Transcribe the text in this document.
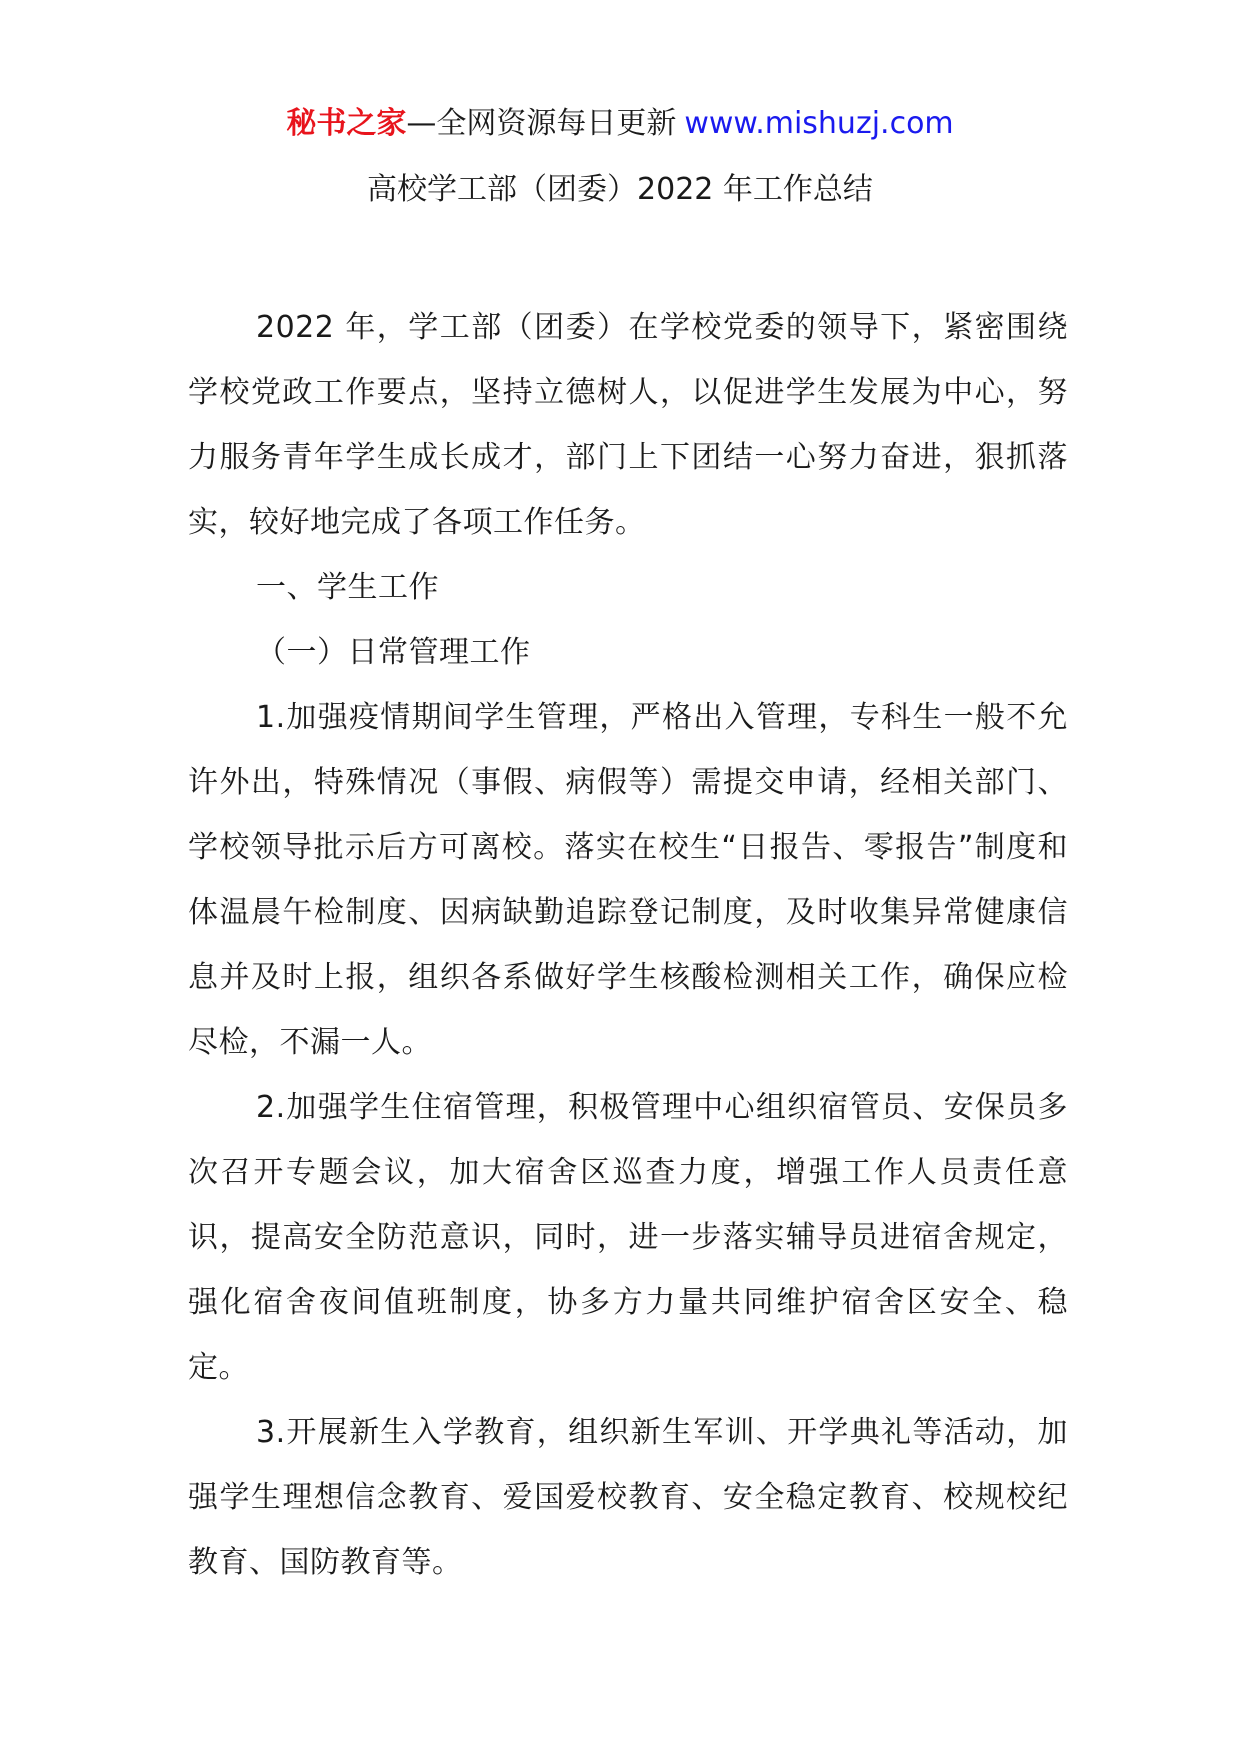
秘书之家—全网资源每日更新 www.mishuzj.com
高校学工部（团委）2022 年工作总结

2022 年，学工部（团委）在学校党委的领导下，紧密围绕学校党政工作要点，坚持立德树人，以促进学生发展为中心，努力服务青年学生成长成才，部门上下团结一心努力奋进，狠抓落实，较好地完成了各项工作任务。

一、学生工作

（一）日常管理工作

1.加强疫情期间学生管理，严格出入管理，专科生一般不允许外出，特殊情况（事假、病假等）需提交申请，经相关部门、学校领导批示后方可离校。落实在校生“日报告、零报告”制度和体温晨午检制度、因病缺勤追踪登记制度，及时收集异常健康信息并及时上报，组织各系做好学生核酸检测相关工作，确保应检尽检，不漏一人。

2.加强学生住宿管理，积极管理中心组织宿管员、安保员多次召开专题会议，加大宿舍区巡查力度，增强工作人员责任意识，提高安全防范意识，同时，进一步落实辅导员进宿舍规定，强化宿舍夜间值班制度，协多方力量共同维护宿舍区安全、稳定。

3.开展新生入学教育，组织新生军训、开学典礼等活动，加强学生理想信念教育、爱国爱校教育、安全稳定教育、校规校纪教育、国防教育等。
